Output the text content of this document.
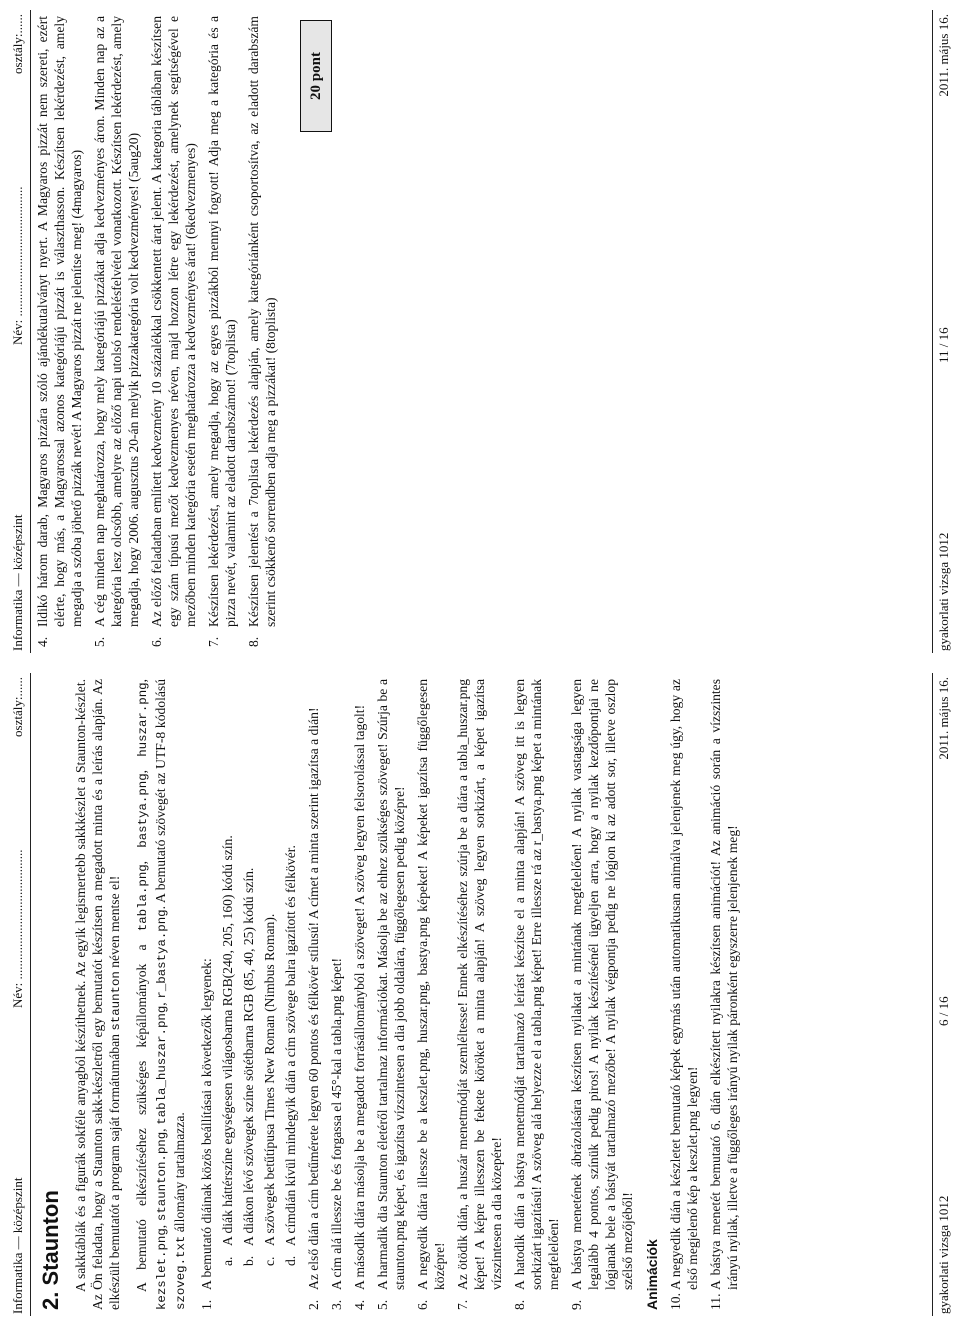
Informatika — középszint
Név: ........................................
osztály:......
2. Staunton A sakktáblák és a figurák sokféle anyagból készíthetnek. Az egyik legismertebb sakkkészlet a Staunton-készlet. Az Ön feladata, hogy a Staunton sakk-készletről egy bemutatót készítsen a megadott minta és a leírás alapján. Az elkészült bemutatót a program saját formátumában staunton néven mentse el!

A bemutató elkészítéséhez szükséges képállományok a tabla.png, bastya.png, huszar.png, kezslet.png, staunton.png, tabla_huszar.png, r_bastya.png. A bemutató szövegét az UTF-8 kódolású szoveg.txt állomány tartalmazza.

1.
A bemutató diáinak közös beállításai a következők legyenek: a.
A diák háttérszíne egységesen világosbarna RGB(240, 205, 160) kódú szín.
b.
A diákon lévő szövegek színe sötétbarna RGB (85, 40, 25) kódú szín.
c.
A szövegek betűtípusa Times New Roman (Nimbus Roman).
d.
A címdián kívül mindegyik dián a cím szövege balra igazított és félkövér.
2.
Az első dián a cím betűmérete legyen 60 pontos és félkövér stílusú! A címet a minta szerint igazítsa a dián!
3.
A cím alá illessze be és forgassa el 45°-kal a tabla.png képet!
4.
A második diára másolja be a megadott forrásállományból a szöveget! A szöveg legyen felsorolással tagolt!
5.
A harmadik dia Staunton életéről tartalmaz információkat. Másolja be az ehhez szükséges szöveget! Szúrja be a staunton.png képet, és igazítsa vízszintesen a dia jobb oldalára, függőlegesen pedig középre!
6.
A negyedik diára illessze be a keszlet.png, huszar.png, bastya.png képeket! A képeket igazítsa függőlegesen középre!
7.
Az ötödik dián, a huszár menetmódját szemléltesse! Ennek elkészítéséhez szúrja be a diára a tabla_huszar.png képet! A képre illesszen be fekete köröket a minta alapján! A szöveg legyen sorkizárt, a képet igazítsa vízszintesen a dia közepére!
8.
A hatodik dián a bástya menetmódját tartalmazó leírást készítse el a minta alapján! A szöveg itt is legyen sorkizárt igazítású! A szöveg alá helyezze el a tabla.png képet! Erre illessze rá az r_bastya.png képet a mintának megfelelően!
9.
A bástya menetének ábrázolására készítsen nyilakat a mintának megfelelően! A nyilak vastagsága legyen legalább 4 pontos, színük pedig piros! A nyilak készítésénél ügyeljen arra, hogy a nyilak kezdőpontjai ne lógjanak bele a bástyát tartalmazó mezőbe! A nyilak végpontja pedig ne lógjon ki az adott sor, illetve oszlop szélső mezőjéből! Animációk 10.
A negyedik dián a készletet bemutató képek egymás után automatikusan animálva jelenjenek meg úgy, hogy az első megjelenő kép a keszlet.png legyen!
11.
A bástya menetét bemutató 6. dián elkészített nyilakra készítsen animációt! Az animáció során a vízszintes irányú nyilak, illetve a függőleges irányú nyilak páronként egyszerre jelenjenek meg!	gyakorlati vizsga 1012
6 / 16
2011. május 16.
Informatika — középszint
Név: ........................................
osztály:......
4.
Ildikó három darab, Magyaros pizzára szóló ajándékutalványt nyert. A Magyaros pizzát nem szereti, ezért elérte, hogy más, a Magyarossal azonos kategóriájú pizzát is választhasson. Készítsen lekérdezést, amely megadja a szóba jöhető pizzák nevét! A Magyaros pizzát ne jelenítse meg! (4magyaros)
5.
A cég minden nap meghatározza, hogy mely kategóriájú pizzákat adja kedvezményes áron. Minden nap az a kategória lesz olcsóbb, amelyre az előző napi utolsó rendelésfelvétel vonatkozott. Készítsen lekérdezést, amely megadja, hogy 2006. augusztus 20-án melyik pizzakategória volt kedvezményes! (5aug20)
6.
Az előző feladatban említett kedvezmény 10 százalékkal csökkentett árat jelent. A kategoria táblában készítsen egy szám típusú mezőt kedvezmenyes néven, majd hozzon létre egy lekérdezést, amelynek segítségével e mezőben minden kategória esetén meghatározza a kedvezményes árat! (6kedvezmenyes)
7.
Készítsen lekérdezést, amely megadja, hogy az egyes pizzákból mennyi fogyott! Adja meg a kategória és a pizza nevét, valamint az eladott darabszámot! (7toplista)
8.
Készítsen jelentést a 7toplista lekérdezés alapján, amely kategóriánként csoportosítva, az eladott darabszám szerint csökkenő sorrendben adja meg a pizzákat! (8toplista)
20 pont
gyakorlati vizsga 1012
11 / 16
2011. május 16.
